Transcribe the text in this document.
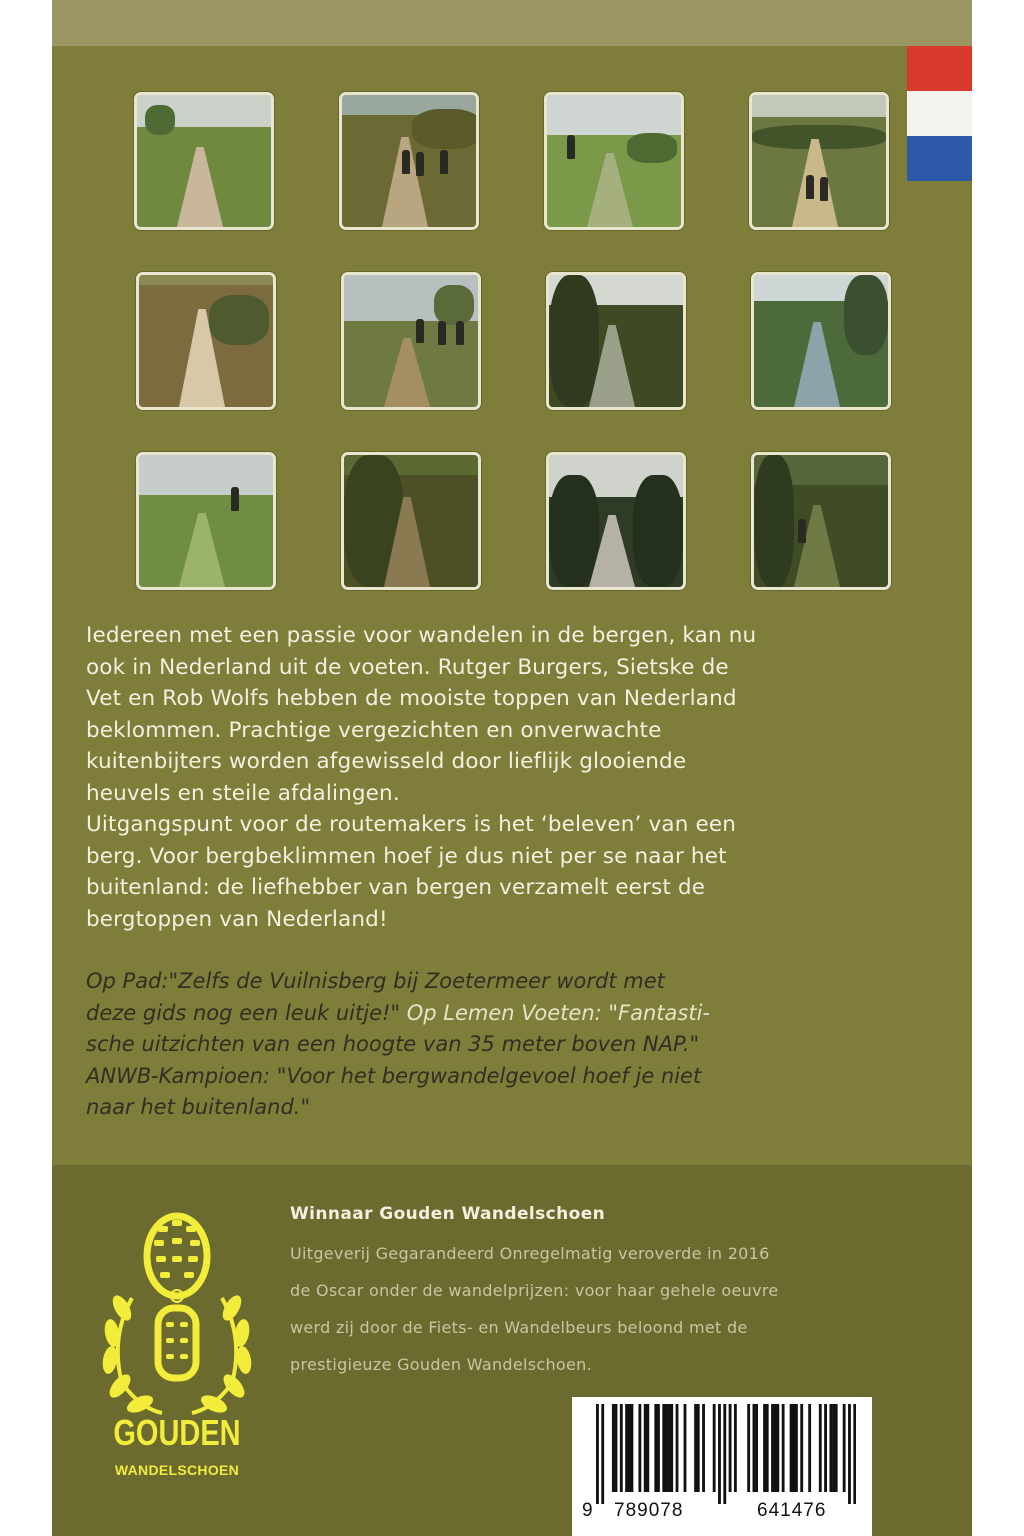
Iedereen met een passie voor wandelen in de bergen, kan nu

ook in Nederland uit de voeten. Rutger Burgers, Sietske de

Vet en Rob Wolfs hebben de mooiste toppen van Nederland

beklommen. Prachtige vergezichten en onverwachte

kuitenbijters worden afgewisseld door lieflijk glooiende

heuvels en steile afdalingen.

Uitgangspunt voor de routemakers is het ‘beleven’ van een

berg. Voor bergbeklimmen hoef je dus niet per se naar het

buitenland: de liefhebber van bergen verzamelt eerst de

bergtoppen van Nederland!

Op Pad:"Zelfs de Vuilnisberg bij Zoetermeer wordt met
deze gids nog een leuk uitje!" Op Lemen Voeten: "Fantasti-
sche uitzichten van een hoogte van 35 meter boven NAP."
ANWB-Kampioen: "Voor het bergwandelgevoel hoef je niet
naar het buitenland."
Winnaar Gouden Wandelschoen

Uitgeverij Gegarandeerd Onregelmatig veroverde in 2016

de Oscar onder de wandelprijzen: voor haar gehele oeuvre

werd zij door de Fiets- en Wandelbeurs beloond met de

prestigieuze Gouden Wandelschoen.

GOUDEN
WANDELSCHOEN
9 789078	641476
